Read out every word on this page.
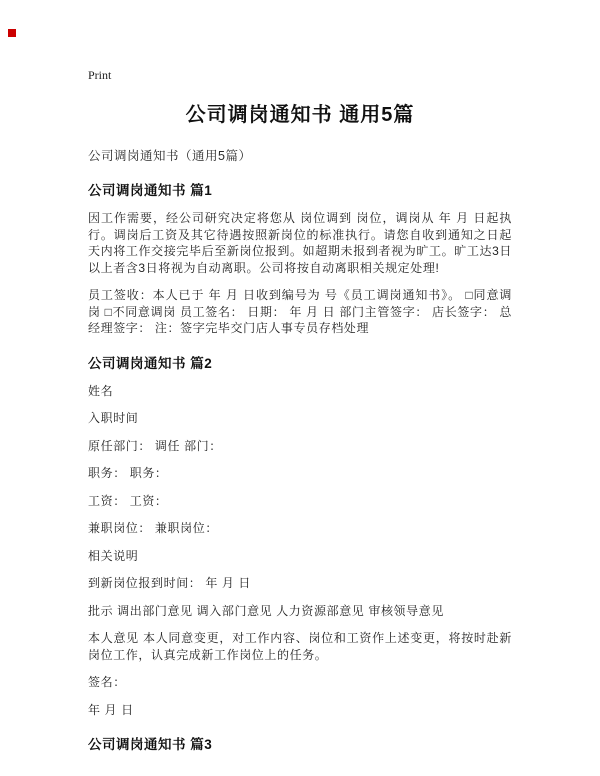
Print
公司调岗通知书 通用5篇
公司调岗通知书（通用5篇）
公司调岗通知书 篇1

因工作需要，经公司研究决定将您从 岗位调到 岗位，调岗从 年 月 日起执行。调岗后工资及其它待遇按照新岗位的标准执行。请您自收到通知之日起 天内将工作交接完毕后至新岗位报到。如超期未报到者视为旷工。旷工达3日以上者含3日将视为自动离职。公司将按自动离职相关规定处理!

员工签收：本人已于 年 月 日收到编号为 号《员工调岗通知书》。 □同意调岗 □不同意调岗 员工签名： 日期： 年 月 日 部门主管签字： 店长签字： 总经理签字： 注：签字完毕交门店人事专员存档处理

公司调岗通知书 篇2

姓名

入职时间

原任部门： 调任 部门：

职务： 职务：

工资： 工资：

兼职岗位： 兼职岗位：

相关说明

到新岗位报到时间： 年 月 日

批示 调出部门意见 调入部门意见 人力资源部意见 审核领导意见

本人意见 本人同意变更，对工作内容、岗位和工资作上述变更，将按时赴新岗位工作，认真完成新工作岗位上的任务。

签名：

年 月 日

公司调岗通知书 篇3
